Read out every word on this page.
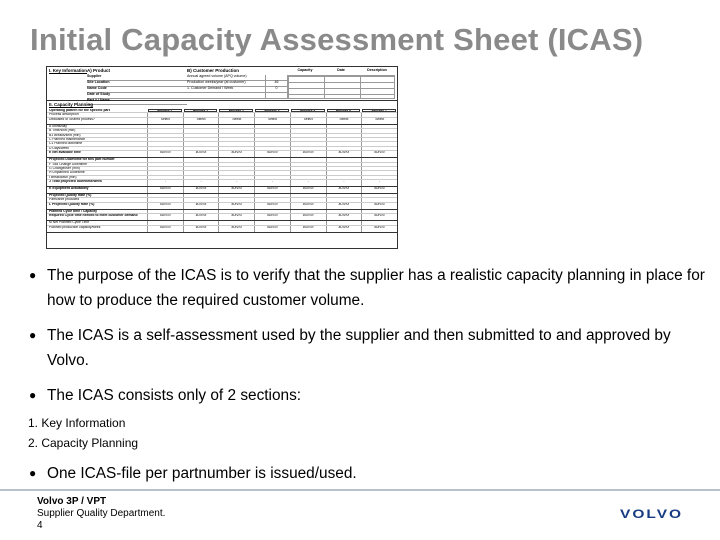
Initial Capacity Assessment Sheet (ICAS)
I. Key Information A) Product
Supplier
Site Location
Name Code
Date of Study
Part # / Name
B) Customer Production
Annual agreed volume (APQ volume)
Production weeks/year (at customer)	46
1. Customer Demand / Week	0
Capacity	Date	Description
II. Capacity Planning
Operating pattern for the specific part	Process 1	Process 2	Process 3	Process 4	Process 5	Process 6	Process 7
Process description
Dedicated or Shared process?	Select	Select	Select	Select	Select	Select	Select
A Shifts/day
B Time/shift (min)
B1 Breaks/shift (min)
C Planned maintenance
C1 Planned downtime
D Days/week
E Net available time	#DIV/0!	#DIV/0!	#DIV/0!	#DIV/0!	#DIV/0!	#DIV/0!	#DIV/0!
Projected Downtime for this part number
F Tool Change Downtime
G Changeover (min)
H Unplanned Downtime
I Breakdown (min)
J Total projected downtime/week	-	-	-	-	-	-	-
K Equipment Availability	#DIV/0!	#DIV/0!	#DIV/0!	#DIV/0!	#DIV/0!	#DIV/0!	#DIV/0!
Projected Quality Rate (%)
Parts/shift produced
L Projected Quality Rate (%)	#DIV/0!	#DIV/0!	#DIV/0!	#DIV/0!	#DIV/0!	#DIV/0!	#DIV/0!
Planned Cycle time / Capacity
Required Cycle time needed to meet customer demand	#DIV/0!	#DIV/0!	#DIV/0!	#DIV/0!	#DIV/0!	#DIV/0!	#DIV/0!
M Net Planned Cycle Time
Planned production capacity/week	#DIV/0!	#DIV/0!	#DIV/0!	#DIV/0!	#DIV/0!	#DIV/0!	#DIV/0!
● The purpose of the ICAS is to verify that the supplier has a realistic capacity planning in place for how to produce the required customer volume.
● The ICAS is a self-assessment used by the supplier and then submitted to and approved by Volvo.
● The ICAS consists only of 2 sections:
1. Key Information
2. Capacity Planning
● One ICAS-file per partnumber is issued/used.
Volvo 3P / VPT
Supplier Quality Department.
4
VOLVO
